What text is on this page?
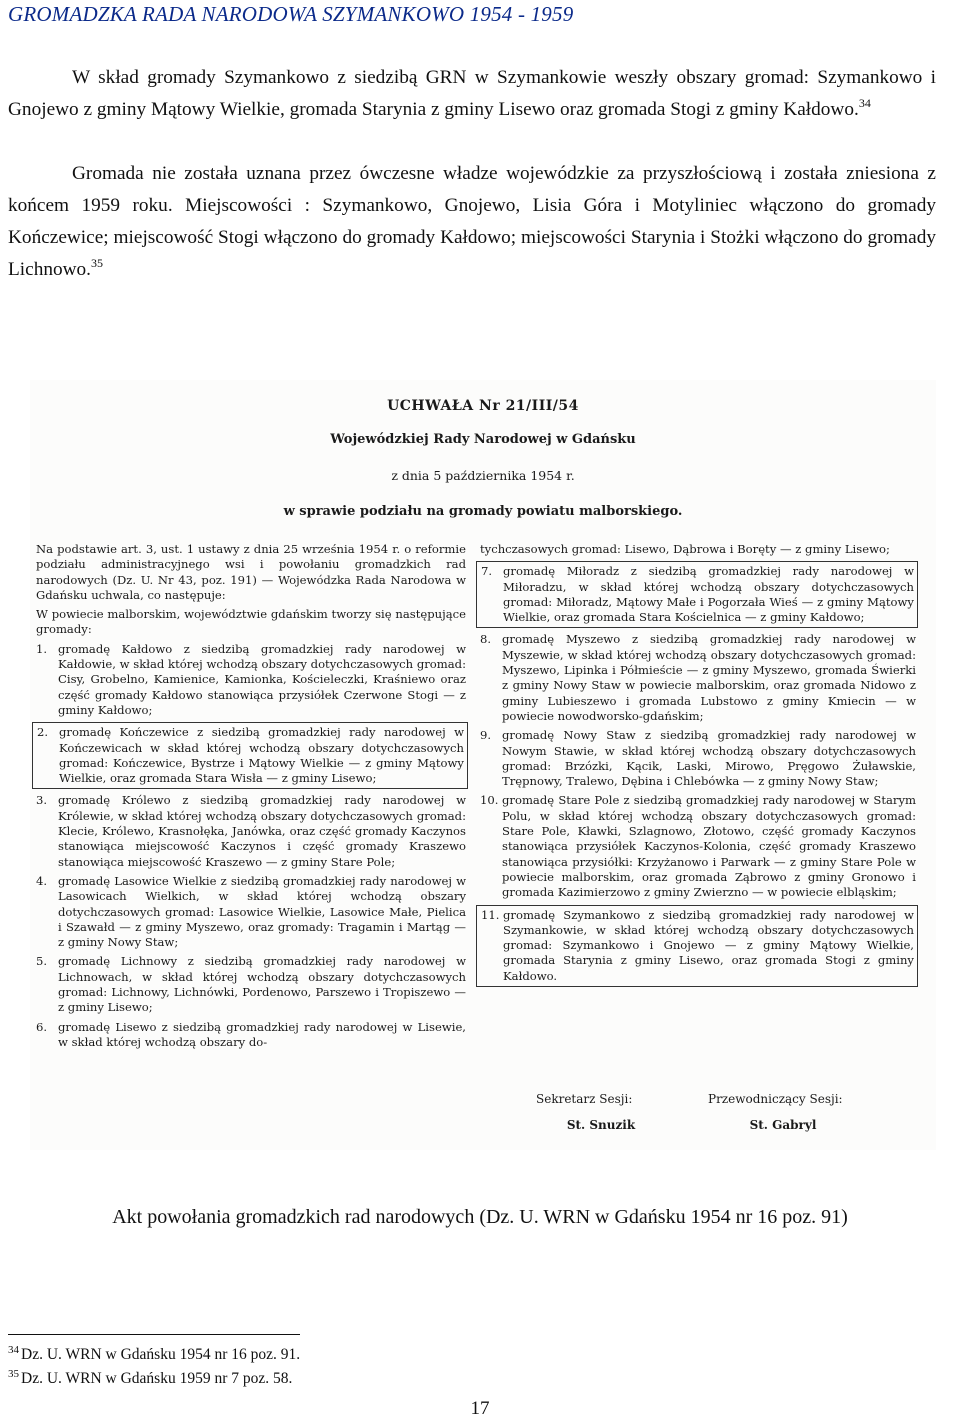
GROMADZKA RADA NARODOWA SZYMANKOWO 1954 - 1959
W skład gromady Szymankowo z siedzibą GRN w Szymankowie weszły obszary gromad: Szymankowo i Gnojewo z gminy Mątowy Wielkie, gromada Starynia z gminy Lisewo oraz gromada Stogi z gminy Kałdowo.$^{34}$
Gromada nie została uznana przez ówczesne władze wojewódzkie za przyszłościową i została zniesiona z końcem 1959 roku. Miejscowości : Szymankowo, Gnojewo, Lisia Góra i Motyliniec włączono do gromady Kończewice; miejscowość Stogi włączono do gromady Kałdowo; miejscowości Starynia i Stożki włączono do gromady Lichnowo.$^{35}$
UCHWAŁA Nr 21/III/54
Wojewódzkiej Rady Narodowej w Gdańsku
z dnia 5 października 1954 r.
w sprawie podziału na gromady powiatu malborskiego.

Na podstawie art. 3, ust. 1 ustawy z dnia 25 września 1954 r. o reformie podziału administracyjnego wsi i powołaniu gromadzkich rad narodowych (Dz. U. Nr 43, poz. 191) — Wojewódzka Rada Narodowa w Gdańsku uchwala, co następuje:

W powiecie malborskim, województwie gdańskim tworzy się następujące gromady:

1. gromadę Kałdowo z siedzibą gromadzkiej rady narodowej w Kałdowie, w skład której wchodzą obszary dotychczasowych gromad: Cisy, Grobelno, Kamienice, Kamionka, Kościeleczki, Kraśniewo oraz część gromady Kałdowo stanowiąca przysiółek Czerwone Stogi — z gminy Kałdowo;
2. gromadę Kończewice z siedzibą gromadzkiej rady narodowej w Kończewicach w skład której wchodzą obszary dotychczasowych gromad: Kończewice, Bystrze i Mątowy Wielkie — z gminy Mątowy Wielkie, oraz gromada Stara Wisła — z gminy Lisewo;
3. gromadę Królewo z siedzibą gromadzkiej rady narodowej w Królewie, w skład której wchodzą obszary dotychczasowych gromad: Klecie, Królewo, Krasnołęka, Janówka, oraz część gromady Kaczynos stanowiąca miejscowość Kaczynos i część gromady Kraszewo stanowiąca miejscowość Kraszewo — z gminy Stare Pole;
4. gromadę Lasowice Wielkie z siedzibą gromadzkiej rady narodowej w Lasowicach Wielkich, w skład której wchodzą obszary dotychczasowych gromad: Lasowice Wielkie, Lasowice Małe, Pielica i Szawałd — z gminy Myszewo, oraz gromady: Tragamin i Martąg — z gminy Nowy Staw;
5. gromadę Lichnowy z siedzibą gromadzkiej rady narodowej w Lichnowach, w skład której wchodzą obszary dotychczasowych gromad: Lichnowy, Lichnówki, Pordenowo, Parszewo i Tropiszewo — z gminy Lisewo;
6. gromadę Lisewo z siedzibą gromadzkiej rady narodowej w Lisewie, w skład której wchodzą obszary do-

tychczasowych gromad: Lisewo, Dąbrowa i Boręty — z gminy Lisewo;

7. gromadę Miłoradz z siedzibą gromadzkiej rady narodowej w Miłoradzu, w skład której wchodzą obszary dotychczasowych gromad: Miłoradz, Mątowy Małe i Pogorzała Wieś — z gminy Mątowy Wielkie, oraz gromada Stara Kościelnica — z gminy Kałdowo;
8. gromadę Myszewo z siedzibą gromadzkiej rady narodowej w Myszewie, w skład której wchodzą obszary dotychczasowych gromad: Myszewo, Lipinka i Półmieście — z gminy Myszewo, gromada Świerki z gminy Nowy Staw w powiecie malborskim, oraz gromada Nidowo z gminy Lubieszewo i gromada Lubstowo z gminy Kmiecin — w powiecie nowodworsko-gdańskim;
9. gromadę Nowy Staw z siedzibą gromadzkiej rady narodowej w Nowym Stawie, w skład której wchodzą obszary dotychczasowych gromad: Brzózki, Kącik, Laski, Mirowo, Pręgowo Żuławskie, Trępnowy, Tralewo, Dębina i Chlebówka — z gminy Nowy Staw;
10. gromadę Stare Pole z siedzibą gromadzkiej rady narodowej w Starym Polu, w skład której wchodzą obszary dotychczasowych gromad: Stare Pole, Kławki, Szlagnowo, Złotowo, część gromady Kaczynos stanowiąca przysiółek Kaczynos-Kolonia, część gromady Kraszewo stanowiąca przysiółki: Krzyżanowo i Parwark — z gminy Stare Pole w powiecie malborskim, oraz gromada Ząbrowo z gminy Gronowo i gromada Kazimierzowo z gminy Zwierzno — w powiecie elbląskim;
11. gromadę Szymankowo z siedzibą gromadzkiej rady narodowej w Szymankowie, w skład której wchodzą obszary dotychczasowych gromad: Szymankowo i Gnojewo — z gminy Mątowy Wielkie, gromada Starynia z gminy Lisewo, oraz gromada Stogi z gminy Kałdowo.
Sekretarz Sesji:
St. Snuzik
Przewodniczący Sesji:
St. Gabryl
Akt powołania gromadzkich rad narodowych (Dz. U. WRN w Gdańsku 1954 nr 16 poz. 91)
$^{34}$ Dz. U. WRN w Gdańsku 1954 nr 16 poz. 91.
$^{35}$ Dz. U. WRN w Gdańsku 1959 nr 7 poz. 58.
17
